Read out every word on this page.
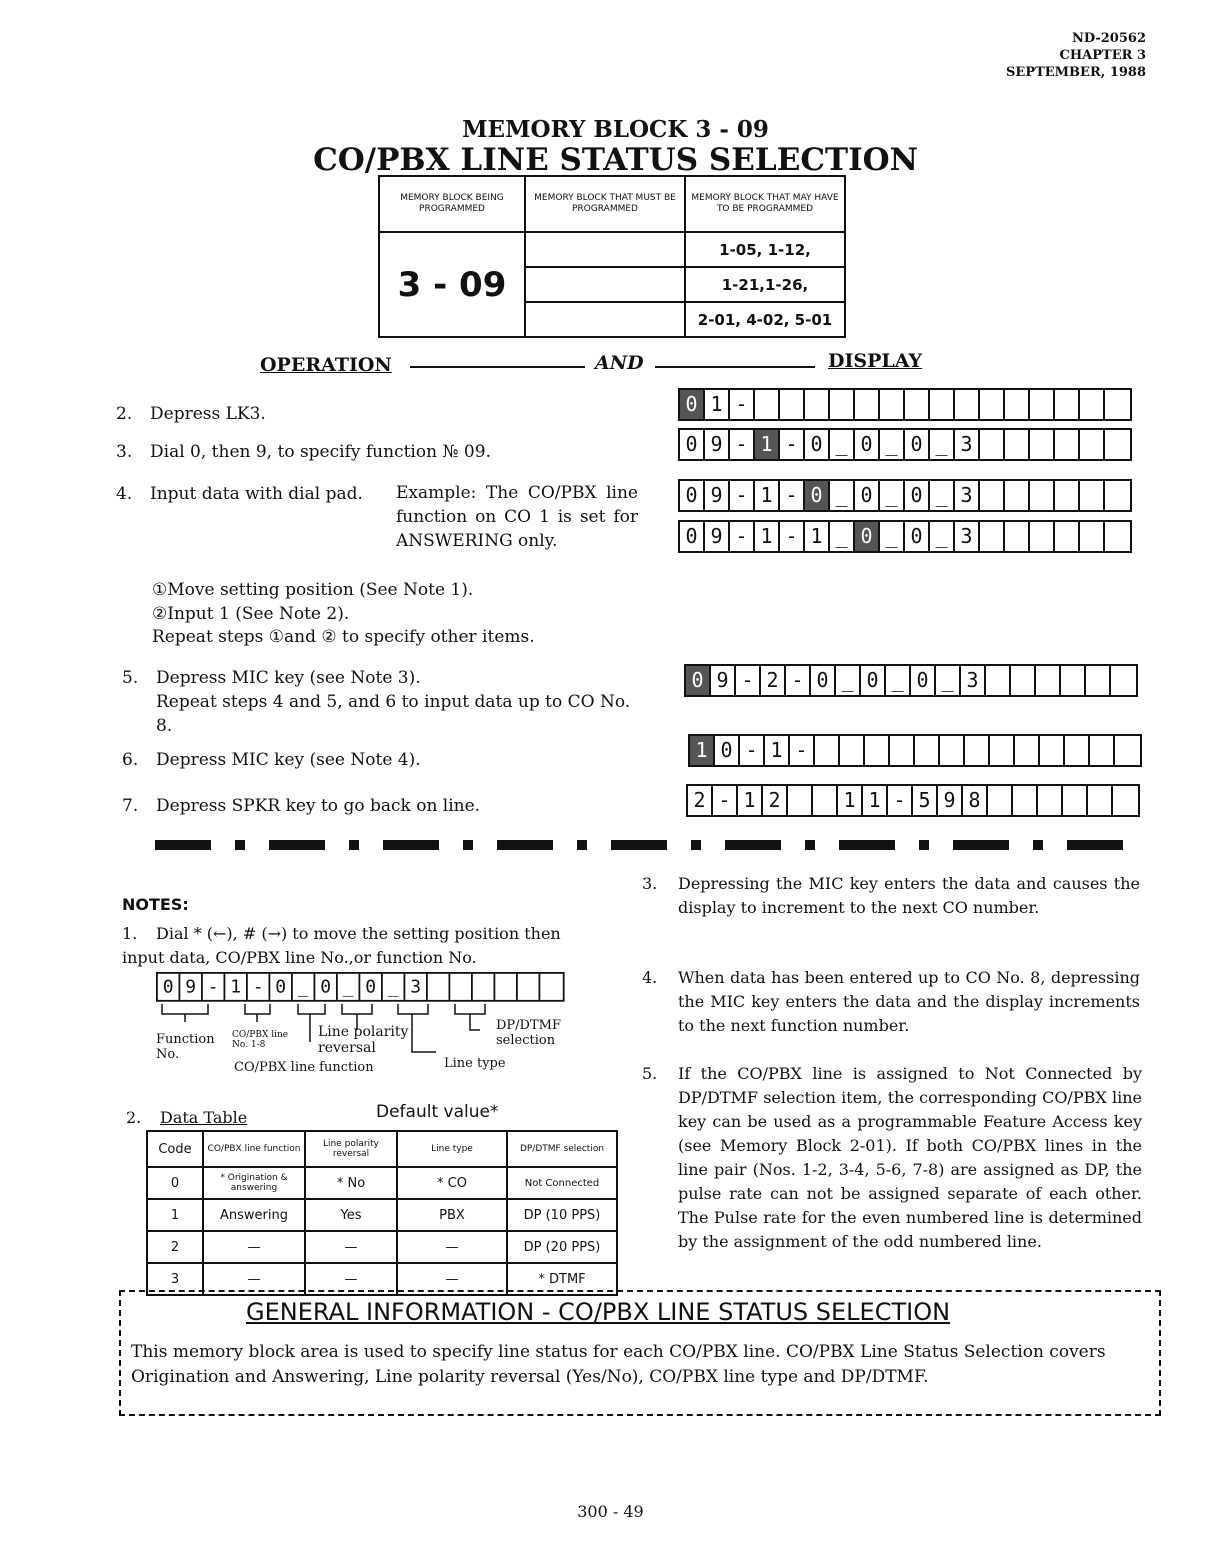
ND-20562
CHAPTER 3
SEPTEMBER, 1988
MEMORY BLOCK 3 - 09
CO/PBX LINE STATUS SELECTION
MEMORY BLOCK BEING PROGRAMMED	MEMORY BLOCK THAT MUST BE PROGRAMMED	MEMORY BLOCK THAT MAY HAVE TO BE PROGRAMMED
3 - 09		1-05, 1-12,
		1-21,1-26,
		2-01, 4-02, 5-01
OPERATION	AND	DISPLAY
2. Depress LK3.
3. Dial 0, then 9, to specify function № 09.
4. Input data with dial pad. Example: The CO/PBX line function on CO 1 is set for ANSWERING only.
①Move setting position (See Note 1).
②Input 1 (See Note 2).
Repeat steps ①and ② to specify other items.
5. Depress MIC key (see Note 3).
Repeat steps 4 and 5, and 6 to input data up to CO No. 8.
6. Depress MIC key (see Note 4).
7. Depress SPKR key to go back on line.
0 1 -
0 9 - 1 - 0 _ 0 _ 0 _ 3
0 9 - 1 - 0 _ 0 _ 0 _ 3
0 9 - 1 - 1 _ 0 _ 0 _ 3
0 9 - 2 - 0 _ 0 _ 0 _ 3
1 0 - 1 -
2 - 1 2	1 1 - 5 9 8
NOTES:
1. Dial * (←), # (→) to move the setting position then input data, CO/PBX line No.,or function No.
0 9 - 1 - 0 _ 0 _ 0 _ 3
Function No.
CO/PBX line No. 1-8
Line polarity reversal
CO/PBX line function	Line type
DP/DTMF selection
2. Data Table	Default value*
Code	CO/PBX line function	Line polarity reversal	Line type	DP/DTMF selection
0	* Origination & answering	* No	* CO	Not Connected
1	Answering	Yes	PBX	DP (10 PPS)
2	—	—	—	DP (20 PPS)
3	—	—	—	* DTMF
3.	Depressing the MIC key enters the data and causes the display to increment to the next CO number.
4.	When data has been entered up to CO No. 8, depressing the MIC key enters the data and the display increments to the next function number.
5.	If the CO/PBX line is assigned to Not Connected by DP/DTMF selection item, the corresponding CO/PBX line key can be used as a programmable Feature Access key (see Memory Block 2-01). If both CO/PBX lines in the line pair (Nos. 1-2, 3-4, 5-6, 7-8) are assigned as DP, the pulse rate can not be assigned separate of each other. The Pulse rate for the even numbered line is determined by the assignment of the odd numbered line.
GENERAL INFORMATION - CO/PBX LINE STATUS SELECTION
This memory block area is used to specify line status for each CO/PBX line. CO/PBX Line Status Selection covers Origination and Answering, Line polarity reversal (Yes/No), CO/PBX line type and DP/DTMF.
300 - 49
